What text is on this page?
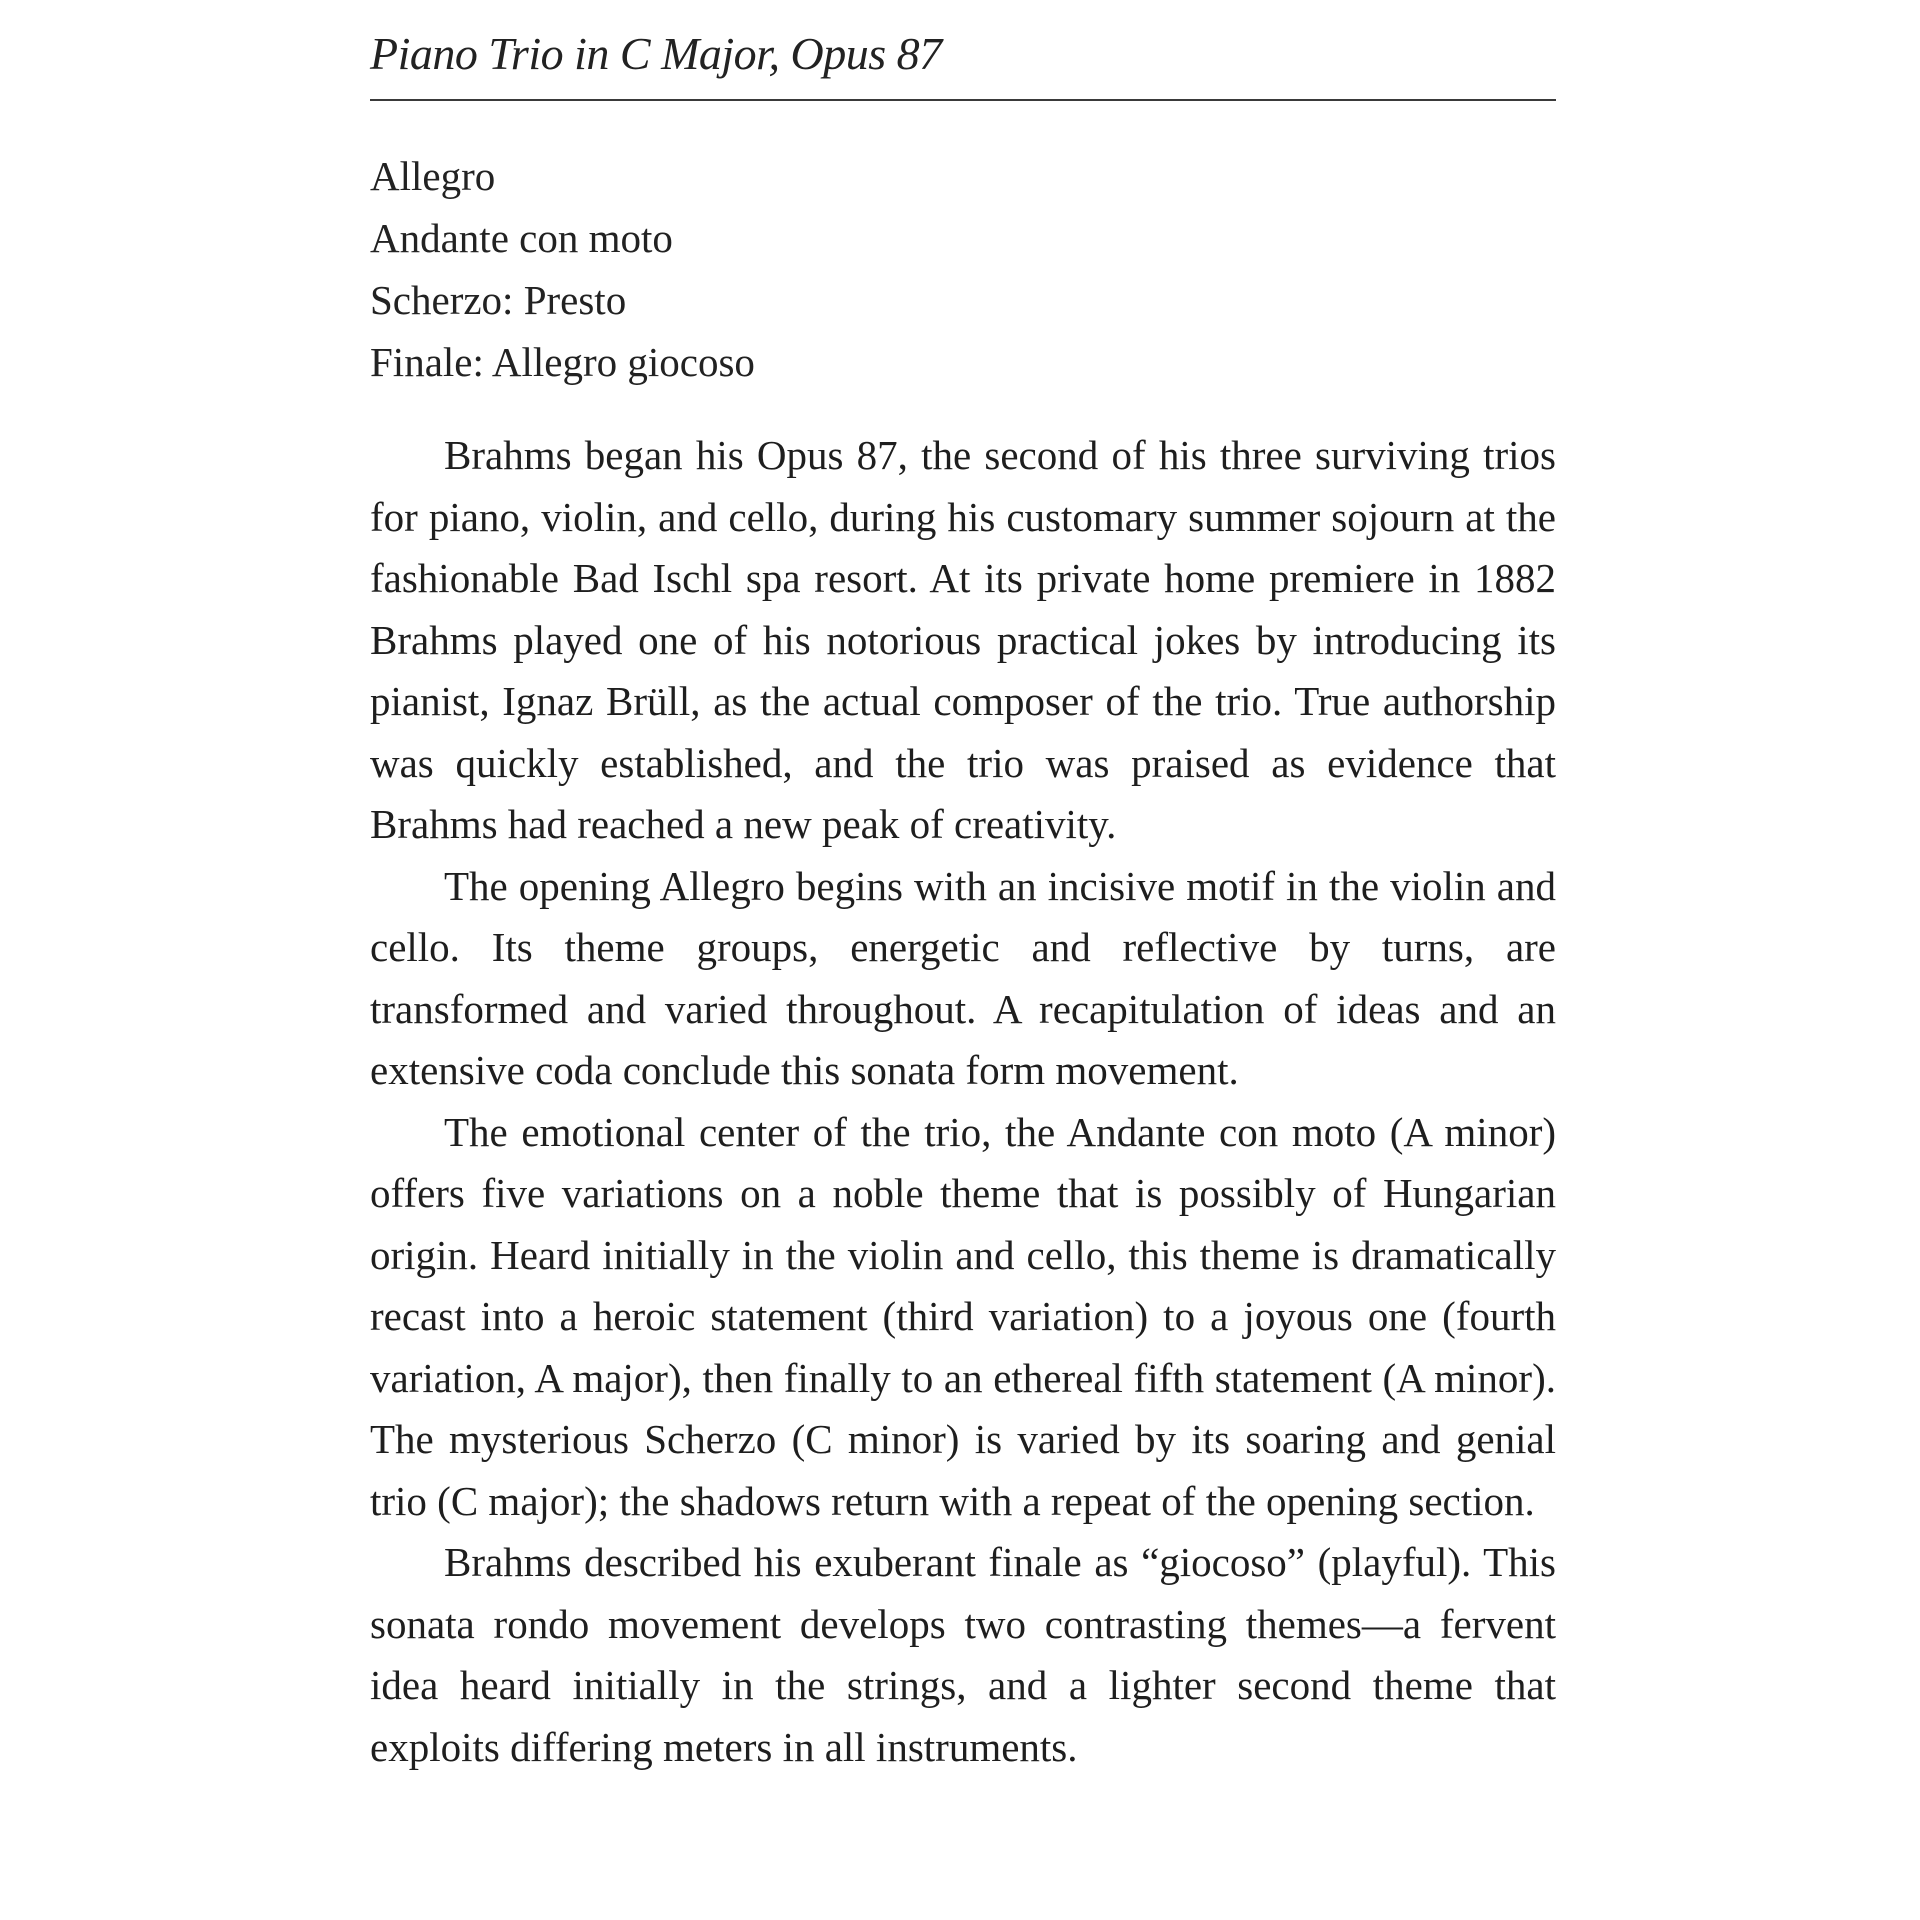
Piano Trio in C Major, Opus 87
Allegro
Andante con moto
Scherzo: Presto
Finale: Allegro giocoso

Brahms began his Opus 87, the second of his three surviving trios for piano, violin, and cello, during his customary summer sojourn at the fashionable Bad Ischl spa resort. At its private home premiere in 1882 Brahms played one of his notorious practical jokes by introducing its pianist, Ignaz Brüll, as the actual composer of the trio. True authorship was quickly established, and the trio was praised as evidence that Brahms had reached a new peak of creativity.

The opening Allegro begins with an incisive motif in the violin and cello. Its theme groups, energetic and reflective by turns, are transformed and varied throughout. A recapitulation of ideas and an extensive coda conclude this sonata form movement.

The emotional center of the trio, the Andante con moto (A minor) offers five variations on a noble theme that is possibly of Hungarian origin. Heard initially in the violin and cello, this theme is dramatically recast into a heroic statement (third variation) to a joyous one (fourth variation, A major), then finally to an ethereal fifth statement (A minor). The mysterious Scherzo (C minor) is varied by its soaring and genial trio (C major); the shadows return with a repeat of the opening section.

Brahms described his exuberant finale as “giocoso” (playful). This sonata rondo movement develops two contrasting themes—a fervent idea heard initially in the strings, and a lighter second theme that exploits differing meters in all instruments.
